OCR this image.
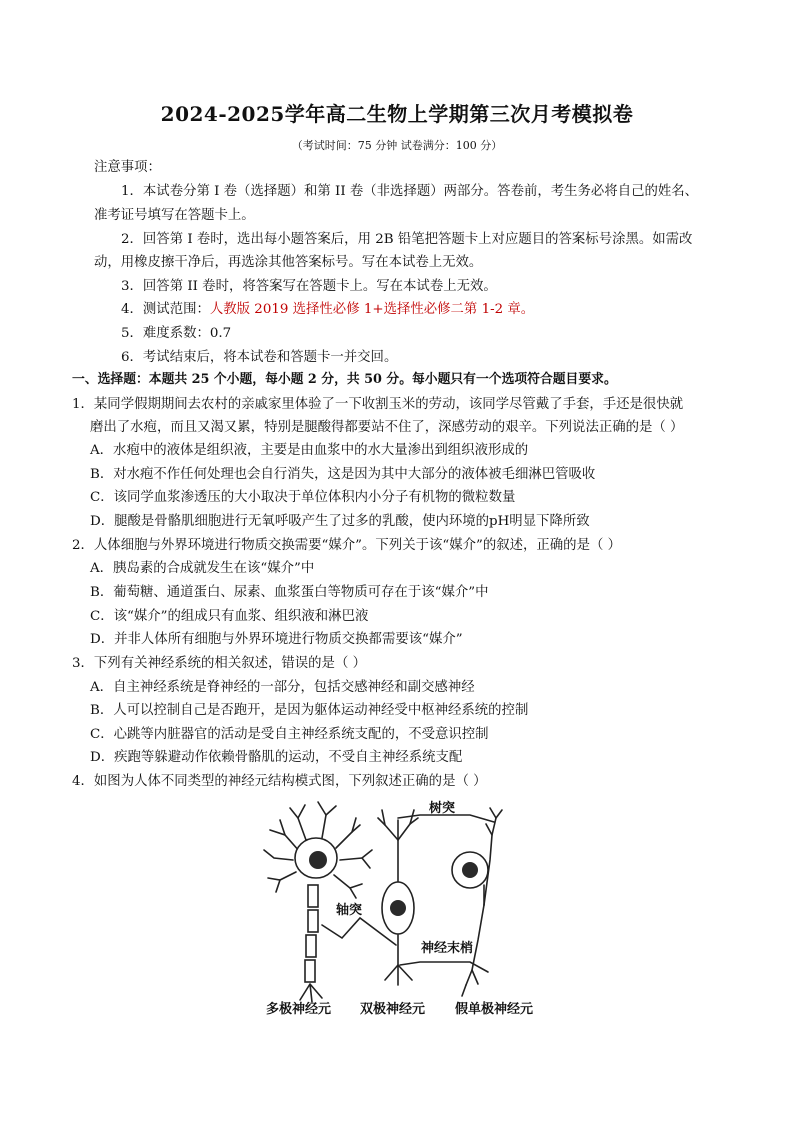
2024-2025学年高二生物上学期第三次月考模拟卷
（考试时间：75 分钟 试卷满分：100 分）
注意事项：
1．本试卷分第 I 卷（选择题）和第 II 卷（非选择题）两部分。答卷前，考生务必将自己的姓名、
准考证号填写在答题卡上。
2．回答第 I 卷时，选出每小题答案后，用 2B 铅笔把答题卡上对应题目的答案标号涂黑。如需改
动，用橡皮擦干净后，再选涂其他答案标号。写在本试卷上无效。
3．回答第 II 卷时，将答案写在答题卡上。写在本试卷上无效。
4．测试范围：人教版 2019 选择性必修 1+选择性必修二第 1-2 章。
5．难度系数：0.7
6．考试结束后，将本试卷和答题卡一并交回。
一、选择题：本题共 25 个小题，每小题 2 分，共 50 分。每小题只有一个选项符合题目要求。
1．某同学假期期间去农村的亲戚家里体验了一下收割玉米的劳动，该同学尽管戴了手套，手还是很快就
磨出了水疱，而且又渴又累，特别是腿酸得都要站不住了，深感劳动的艰辛。下列说法正确的是（ ）
A．水疱中的液体是组织液，主要是由血浆中的水大量渗出到组织液形成的
B．对水疱不作任何处理也会自行消失，这是因为其中大部分的液体被毛细淋巴管吸收
C．该同学血浆渗透压的大小取决于单位体积内小分子有机物的微粒数量
D．腿酸是骨骼肌细胞进行无氧呼吸产生了过多的乳酸，使内环境的pH明显下降所致
2．人体细胞与外界环境进行物质交换需要“媒介”。下列关于该“媒介”的叙述，正确的是（ ）
A．胰岛素的合成就发生在该“媒介”中
B．葡萄糖、通道蛋白、尿素、血浆蛋白等物质可存在于该“媒介”中
C．该“媒介”的组成只有血浆、组织液和淋巴液
D．并非人体所有细胞与外界环境进行物质交换都需要该“媒介”
3．下列有关神经系统的相关叙述，错误的是（ ）
A．自主神经系统是脊神经的一部分，包括交感神经和副交感神经
B．人可以控制自己是否跑开，是因为躯体运动神经受中枢神经系统的控制
C．心跳等内脏器官的活动是受自主神经系统支配的，不受意识控制
D．疾跑等躲避动作依赖骨骼肌的运动，不受自主神经系统支配
4．如图为人体不同类型的神经元结构模式图，下列叙述正确的是（ ）
树突
轴突
神经末梢
多极神经元 双极神经元 假单极神经元
